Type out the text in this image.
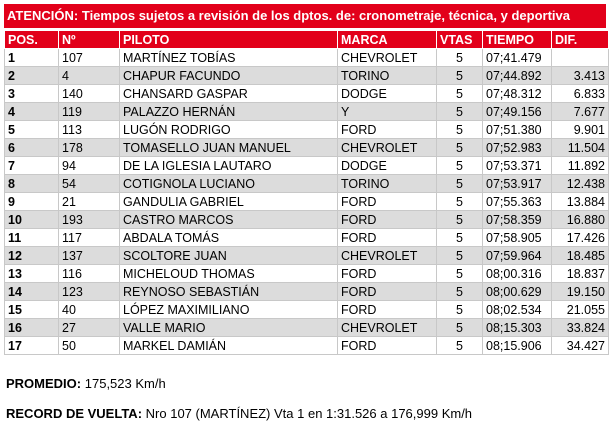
ATENCIÓN: Tiempos sujetos a revisión de los dptos. de: cronometraje, técnica, y deportiva
POS.	Nº	PILOTO	MARCA	VTAS	TIEMPO	DIF.
1	107	MARTÍNEZ TOBÍAS	CHEVROLET	5	07;41.479	
2	4	CHAPUR FACUNDO	TORINO	5	07;44.892	3.413
3	140	CHANSARD GASPAR	DODGE	5	07;48.312	6.833
4	119	PALAZZO HERNÁN	Y	5	07;49.156	7.677
5	113	LUGÓN RODRIGO	FORD	5	07;51.380	9.901
6	178	TOMASELLO JUAN MANUEL	CHEVROLET	5	07;52.983	11.504
7	94	DE LA IGLESIA LAUTARO	DODGE	5	07;53.371	11.892
8	54	COTIGNOLA LUCIANO	TORINO	5	07;53.917	12.438
9	21	GANDULIA GABRIEL	FORD	5	07;55.363	13.884
10	193	CASTRO MARCOS	FORD	5	07;58.359	16.880
11	117	ABDALA TOMÁS	FORD	5	07;58.905	17.426
12	137	SCOLTORE JUAN	CHEVROLET	5	07;59.964	18.485
13	116	MICHELOUD THOMAS	FORD	5	08;00.316	18.837
14	123	REYNOSO SEBASTIÁN	FORD	5	08;00.629	19.150
15	40	LÓPEZ MAXIMILIANO	FORD	5	08;02.534	21.055
16	27	VALLE MARIO	CHEVROLET	5	08;15.303	33.824
17	50	MARKEL DAMIÁN	FORD	5	08;15.906	34.427
PROMEDIO: 175,523 Km/h
RECORD DE VUELTA: Nro 107 (MARTÍNEZ) Vta 1 en 1:31.526 a 176,999 Km/h
